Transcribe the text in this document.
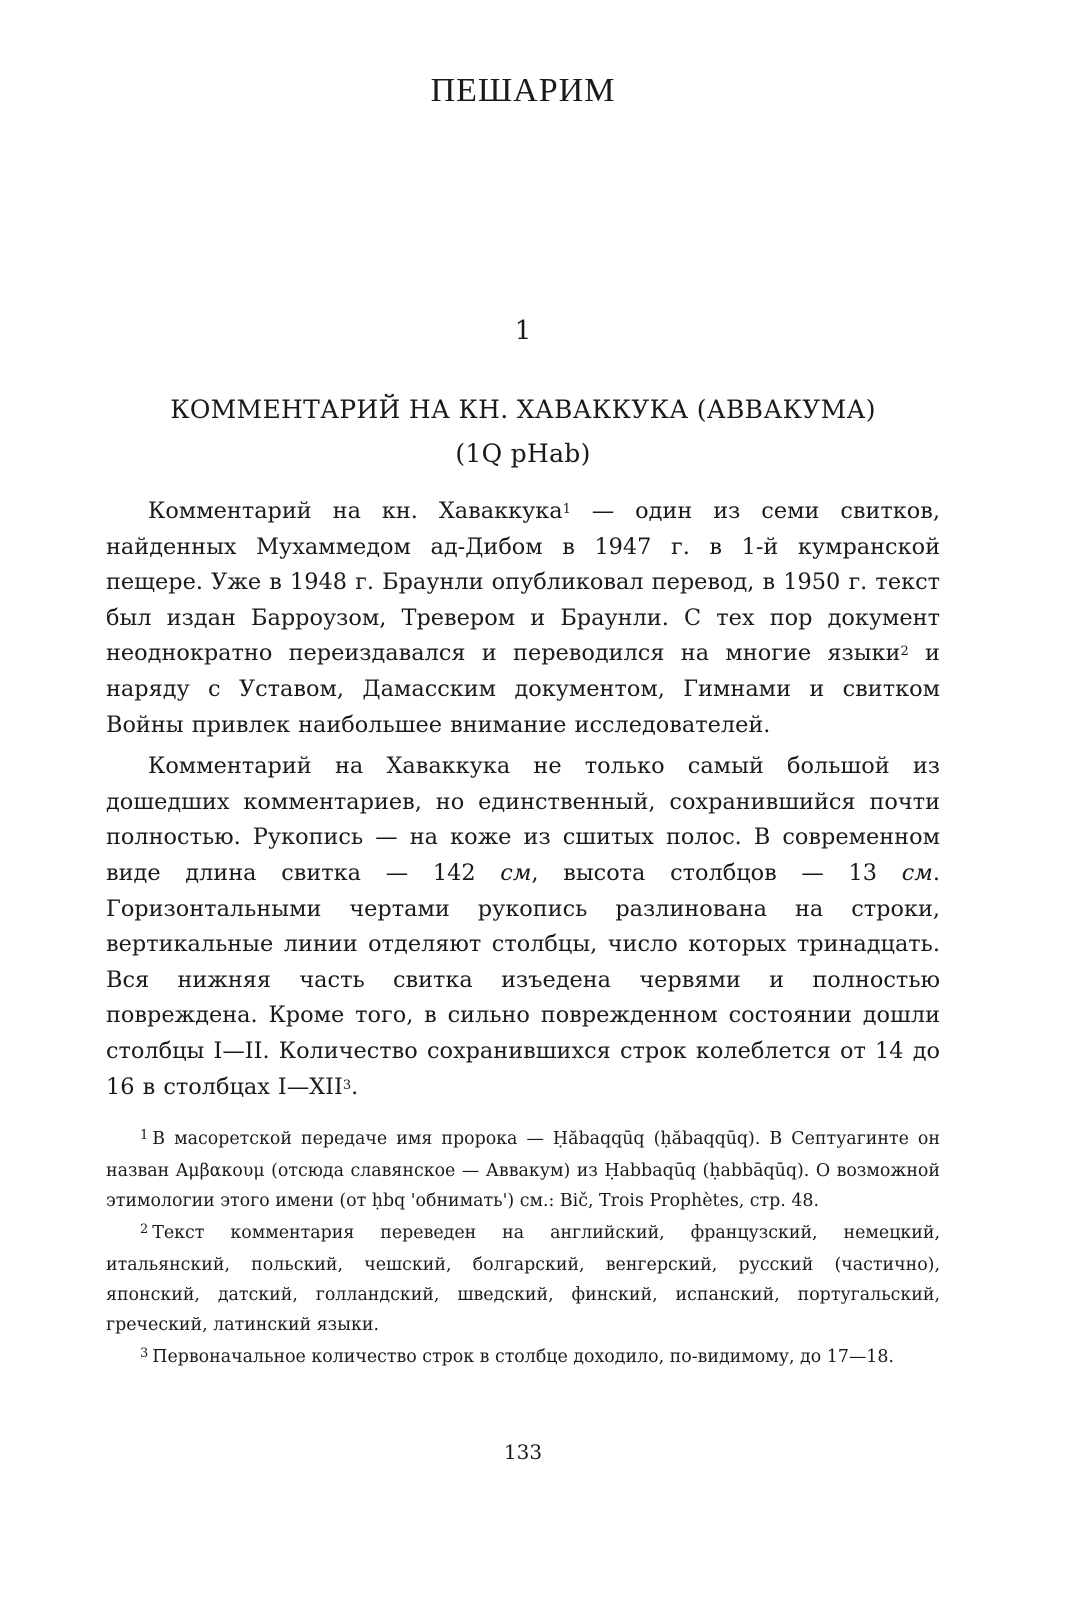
ПЕШАРИМ
1
КОММЕНТАРИЙ НА КН. ХАВАККУКА (АВВАКУМА)
(1Q pHab)

Комментарий на кн. Хаваккука$^1$ — один из семи свитков, найденных Мухаммедом ад-Дибом в 1947 г. в 1-й кумранской пещере. Уже в 1948 г. Браунли опубликовал перевод, в 1950 г. текст был издан Барроузом, Тревером и Браунли. С тех пор документ неоднократно переиздавался и переводился на многие языки$^2$ и наряду с Уставом, Дамасским документом, Гимнами и свитком Войны привлек наибольшее внимание исследователей.

Комментарий на Хаваккука не только самый большой из дошедших комментариев, но единственный, сохранившийся почти полностью. Рукопись — на коже из сшитых полос. В современном виде длина свитка — 142 см, высота столбцов — 13 см. Горизонтальными чертами рукопись разлинована на строки, вертикальные линии отделяют столбцы, число которых тринадцать. Вся нижняя часть свитка изъедена червями и полностью повреждена. Кроме того, в сильно поврежденном состоянии дошли столбцы I—II. Количество сохранившихся строк колеблется от 14 до 16 в столбцах I—XII$^3$.

$^1$ В масоретской передаче имя пророка — Ḥăbaqqūq (ḥăbaqqūq). В Септуагинте он назван Αμβακουμ (отсюда славянское — Аввакум) из Ḥabbaqūq (ḥabbāqūq). О возможной этимологии этого имени (от ḥbq 'обнимать') см.: Bič, Trois Prophètes, стр. 48.

$^2$ Текст комментария переведен на английский, французский, немецкий, итальянский, польский, чешский, болгарский, венгерский, русский (частично), японский, датский, голландский, шведский, финский, испанский, португальский, греческий, латинский языки.

$^3$ Первоначальное количество строк в столбце доходило, по-видимому, до 17—18.

133
